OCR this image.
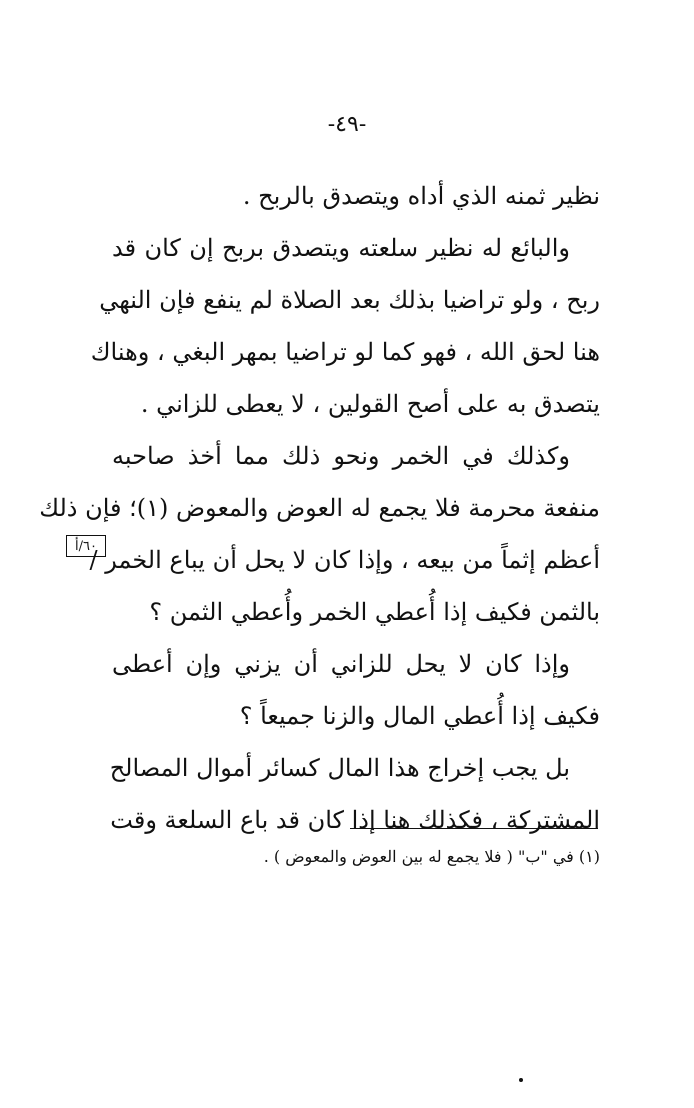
-٤٩-
نظير ثمنه الذي أداه ويتصدق بالربح .
والبائع له نظير سلعته ويتصدق بربح إن كان قد
ربح ، ولو تراضيا بذلك بعد الصلاة لم ينفع فإن النهي
هنا لحق الله ، فهو كما لو تراضيا بمهر البغي ، وهناك
يتصدق به على أصح القولين ، لا يعطى للزاني .
وكذلك في الخمر ونحو ذلك مما أخذ صاحبه
منفعة محرمة فلا يجمع له العوض والمعوض (١)؛ فإن ذلك
أعظم إثماً من بيعه ، وإذا كان لا يحل أن يباع الخمر /
بالثمن فكيف إذا أُعطي الخمر وأُعطي الثمن ؟
وإذا كان لا يحل للزاني أن يزني وإن أعطى
فكيف إذا أُعطي المال والزنا جميعاً ؟
بل يجب إخراج هذا المال كسائر أموال المصالح
المشتركة ، فكذلك هنا إذا كان قد باع السلعة وقت
٦٠/أ
(١) في "ب" ( فلا يجمع له بين العوض والمعوض ) .
